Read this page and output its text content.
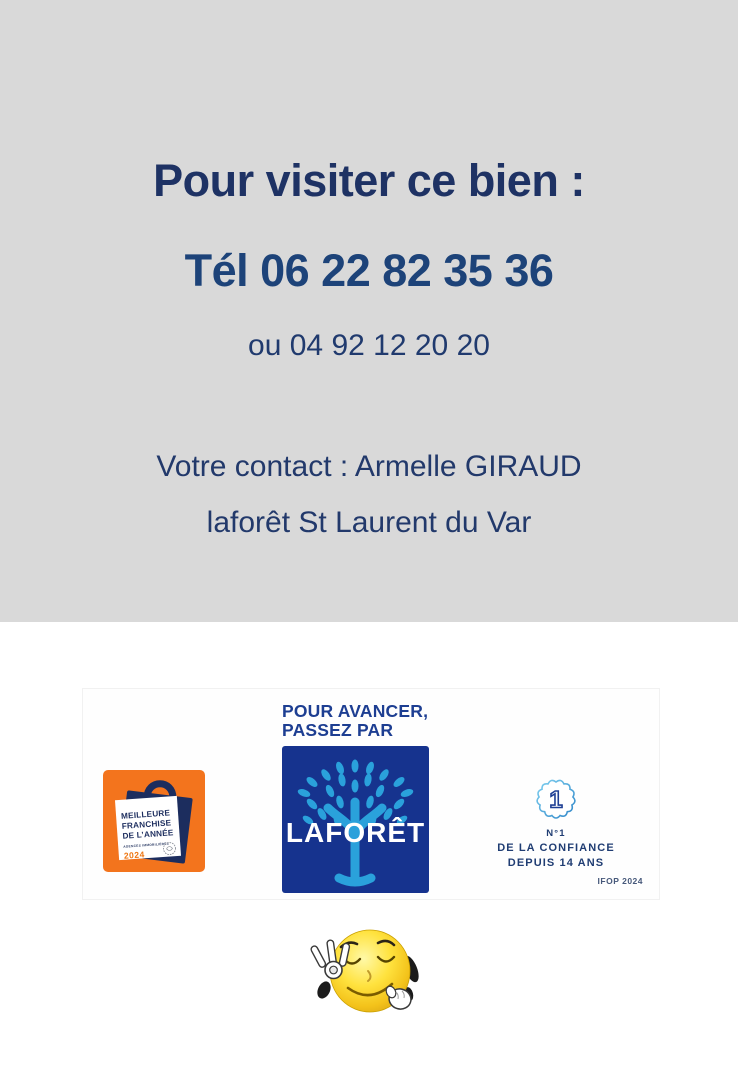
Pour visiter ce bien :
Tél 06 22 82 35 36
ou 04 92 12 20 20
Votre contact : Armelle GIRAUD
laforêt St Laurent du Var
MEILLEURE
FRANCHISE
DE L’ANNÉE
AGENCES IMMOBILIÈRES
2024
POUR AVANCER,
PASSEZ PAR
LAFORÊT
1
N°1
DE LA CONFIANCE
DEPUIS 14 ANS
IFOP 2024
